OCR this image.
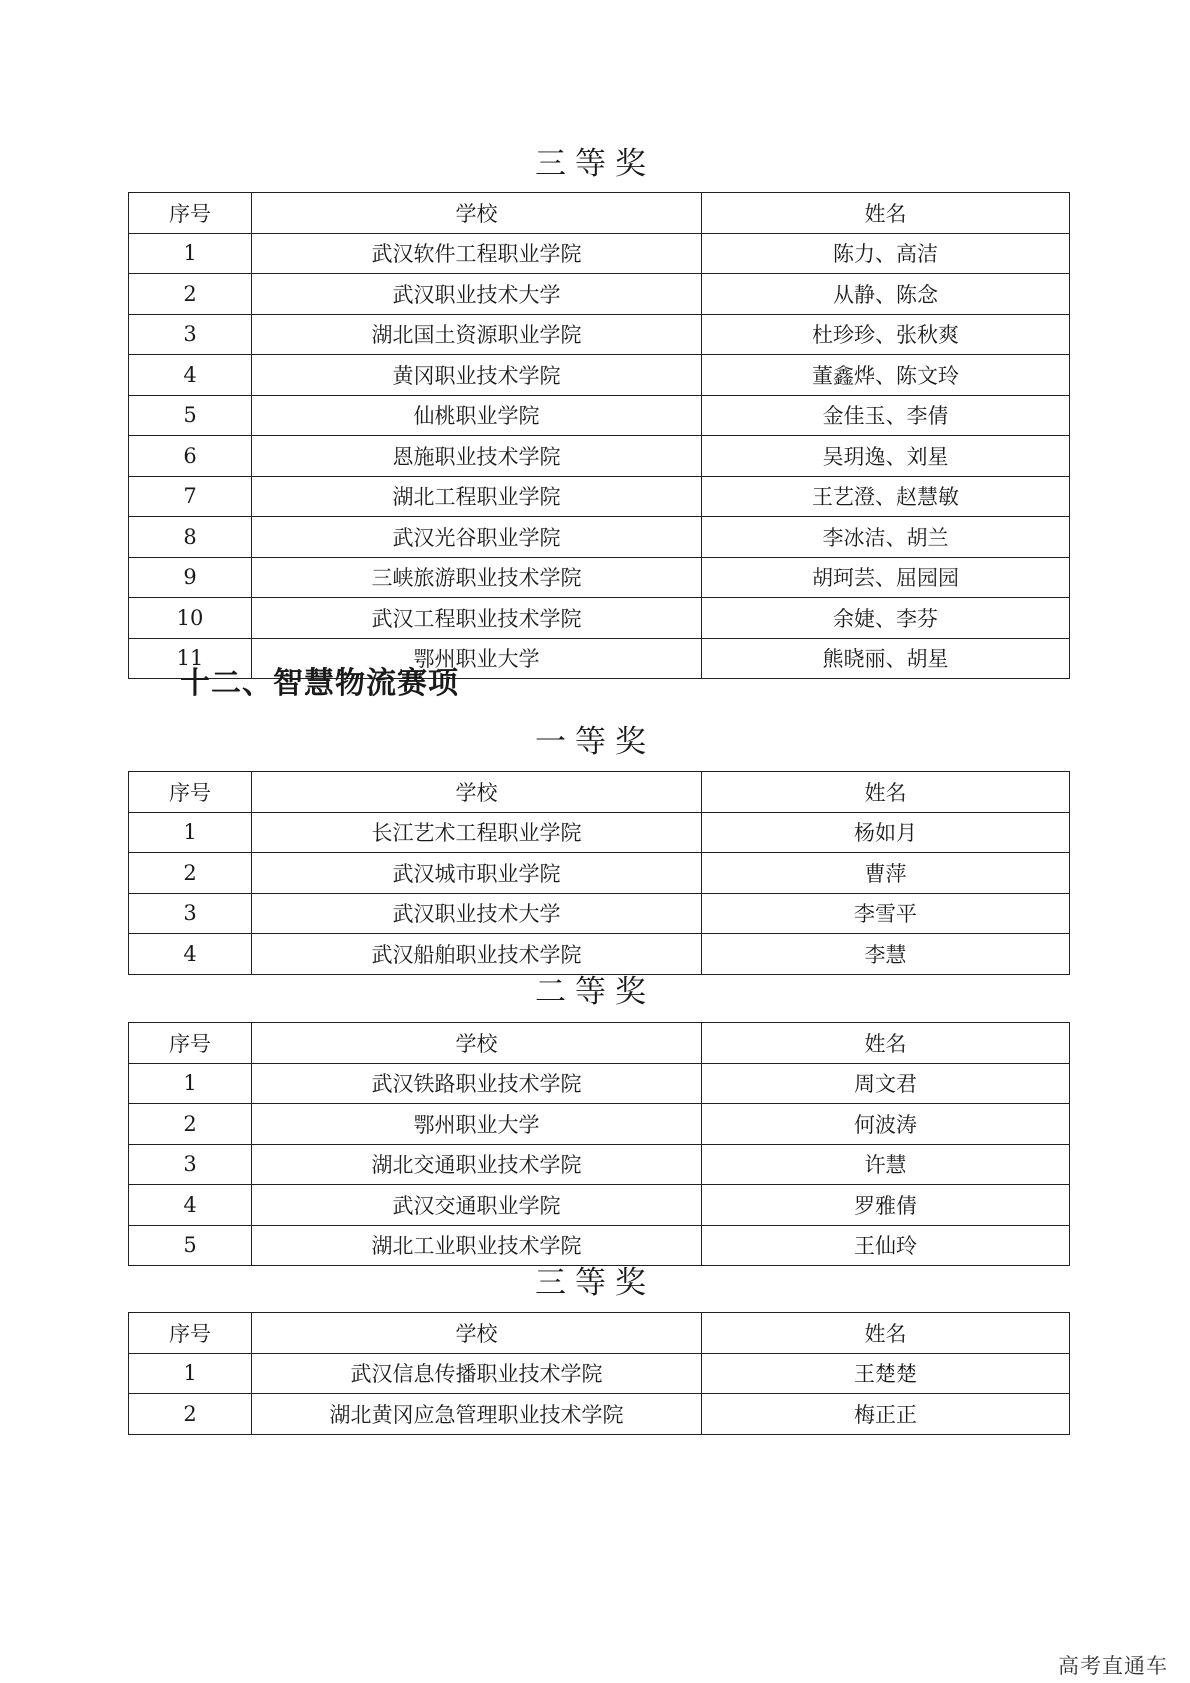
三等奖
序号	学校	姓名
1	武汉软件工程职业学院	陈力、高洁
2	武汉职业技术大学	从静、陈念
3	湖北国土资源职业学院	杜珍珍、张秋爽
4	黄冈职业技术学院	董鑫烨、陈文玲
5	仙桃职业学院	金佳玉、李倩
6	恩施职业技术学院	吴玥逸、刘星
7	湖北工程职业学院	王艺澄、赵慧敏
8	武汉光谷职业学院	李冰洁、胡兰
9	三峡旅游职业技术学院	胡珂芸、屈园园
10	武汉工程职业技术学院	余婕、李芬
11	鄂州职业大学	熊晓丽、胡星
十二、智慧物流赛项
一等奖
序号	学校	姓名
1	长江艺术工程职业学院	杨如月
2	武汉城市职业学院	曹萍
3	武汉职业技术大学	李雪平
4	武汉船舶职业技术学院	李慧
二等奖
序号	学校	姓名
1	武汉铁路职业技术学院	周文君
2	鄂州职业大学	何波涛
3	湖北交通职业技术学院	许慧
4	武汉交通职业学院	罗雅倩
5	湖北工业职业技术学院	王仙玲
三等奖
序号	学校	姓名
1	武汉信息传播职业技术学院	王楚楚
2	湖北黄冈应急管理职业技术学院	梅正正
高考直通车
